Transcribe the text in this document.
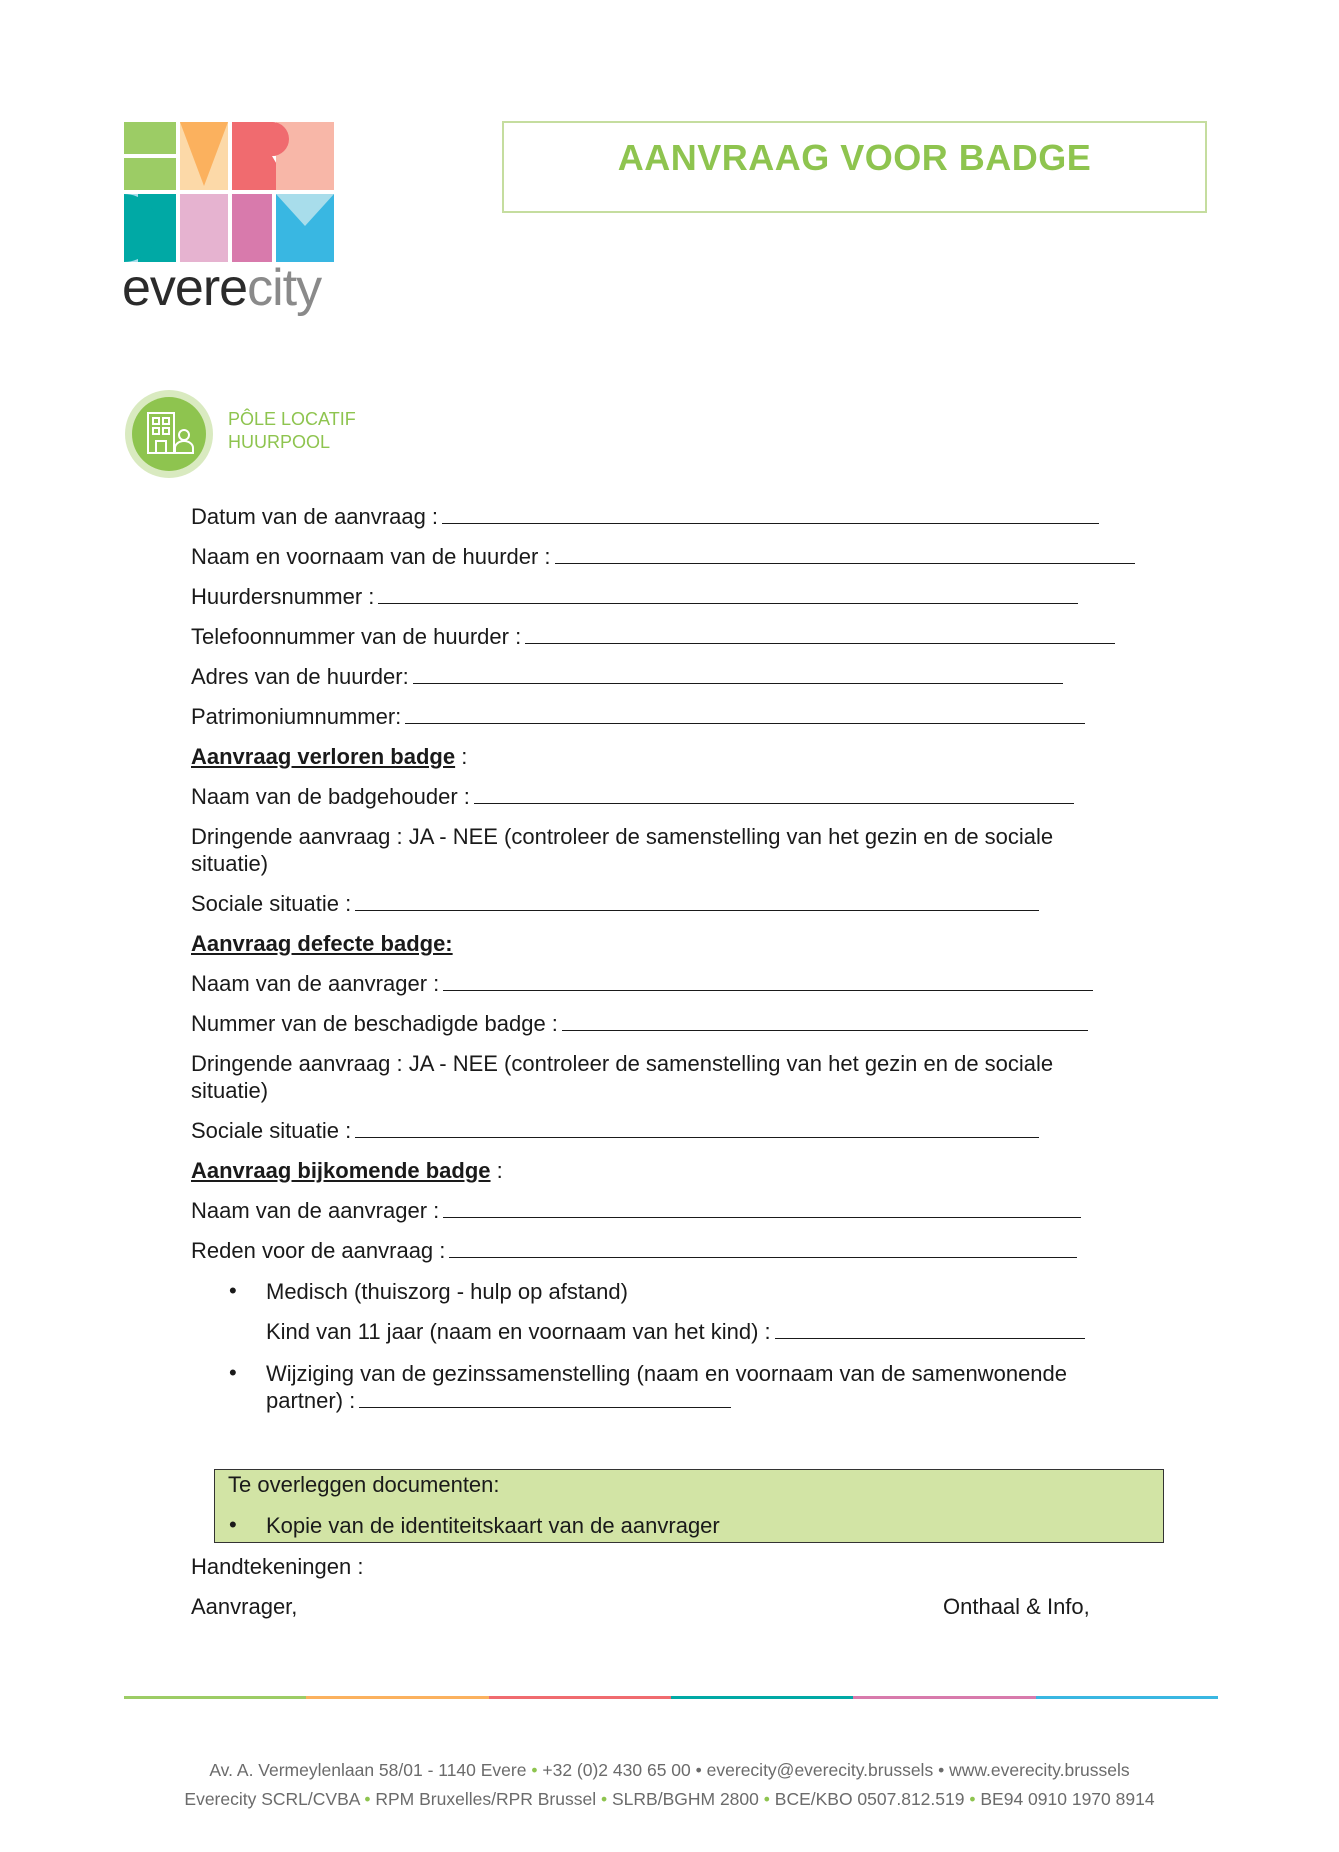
everecity
AANVRAAG VOOR BADGE
PÔLE LOCATIF
HUURPOOL
Datum van de aanvraag :
Naam en voornaam van de huurder :
Huurdersnummer :
Telefoonnummer van de huurder :
Adres van de huurder:
Patrimoniumnummer:
Aanvraag verloren badge :
Naam van de badgehouder :
Dringende aanvraag : JA - NEE (controleer de samenstelling van het gezin en de sociale situatie)
Sociale situatie :
Aanvraag defecte badge:
Naam van de aanvrager :
Nummer van de beschadigde badge :
Dringende aanvraag : JA - NEE (controleer de samenstelling van het gezin en de sociale situatie)
Sociale situatie :
Aanvraag bijkomende badge :
Naam van de aanvrager :
Reden voor de aanvraag :
• Medisch (thuiszorg - hulp op afstand)
Kind van 11 jaar (naam en voornaam van het kind) :
• Wijziging van de gezinssamenstelling (naam en voornaam van de samenwonende partner) :
Te overleggen documenten:
• Kopie van de identiteitskaart van de aanvrager
Handtekeningen :
Aanvrager,	Onthaal & Info,
Av. A. Vermeylenlaan 58/01 - 1140 Evere • +32 (0)2 430 65 00 • everecity@everecity.brussels • www.everecity.brussels
Everecity SCRL/CVBA • RPM Bruxelles/RPR Brussel • SLRB/BGHM 2800 • BCE/KBO 0507.812.519 • BE94 0910 1970 8914
